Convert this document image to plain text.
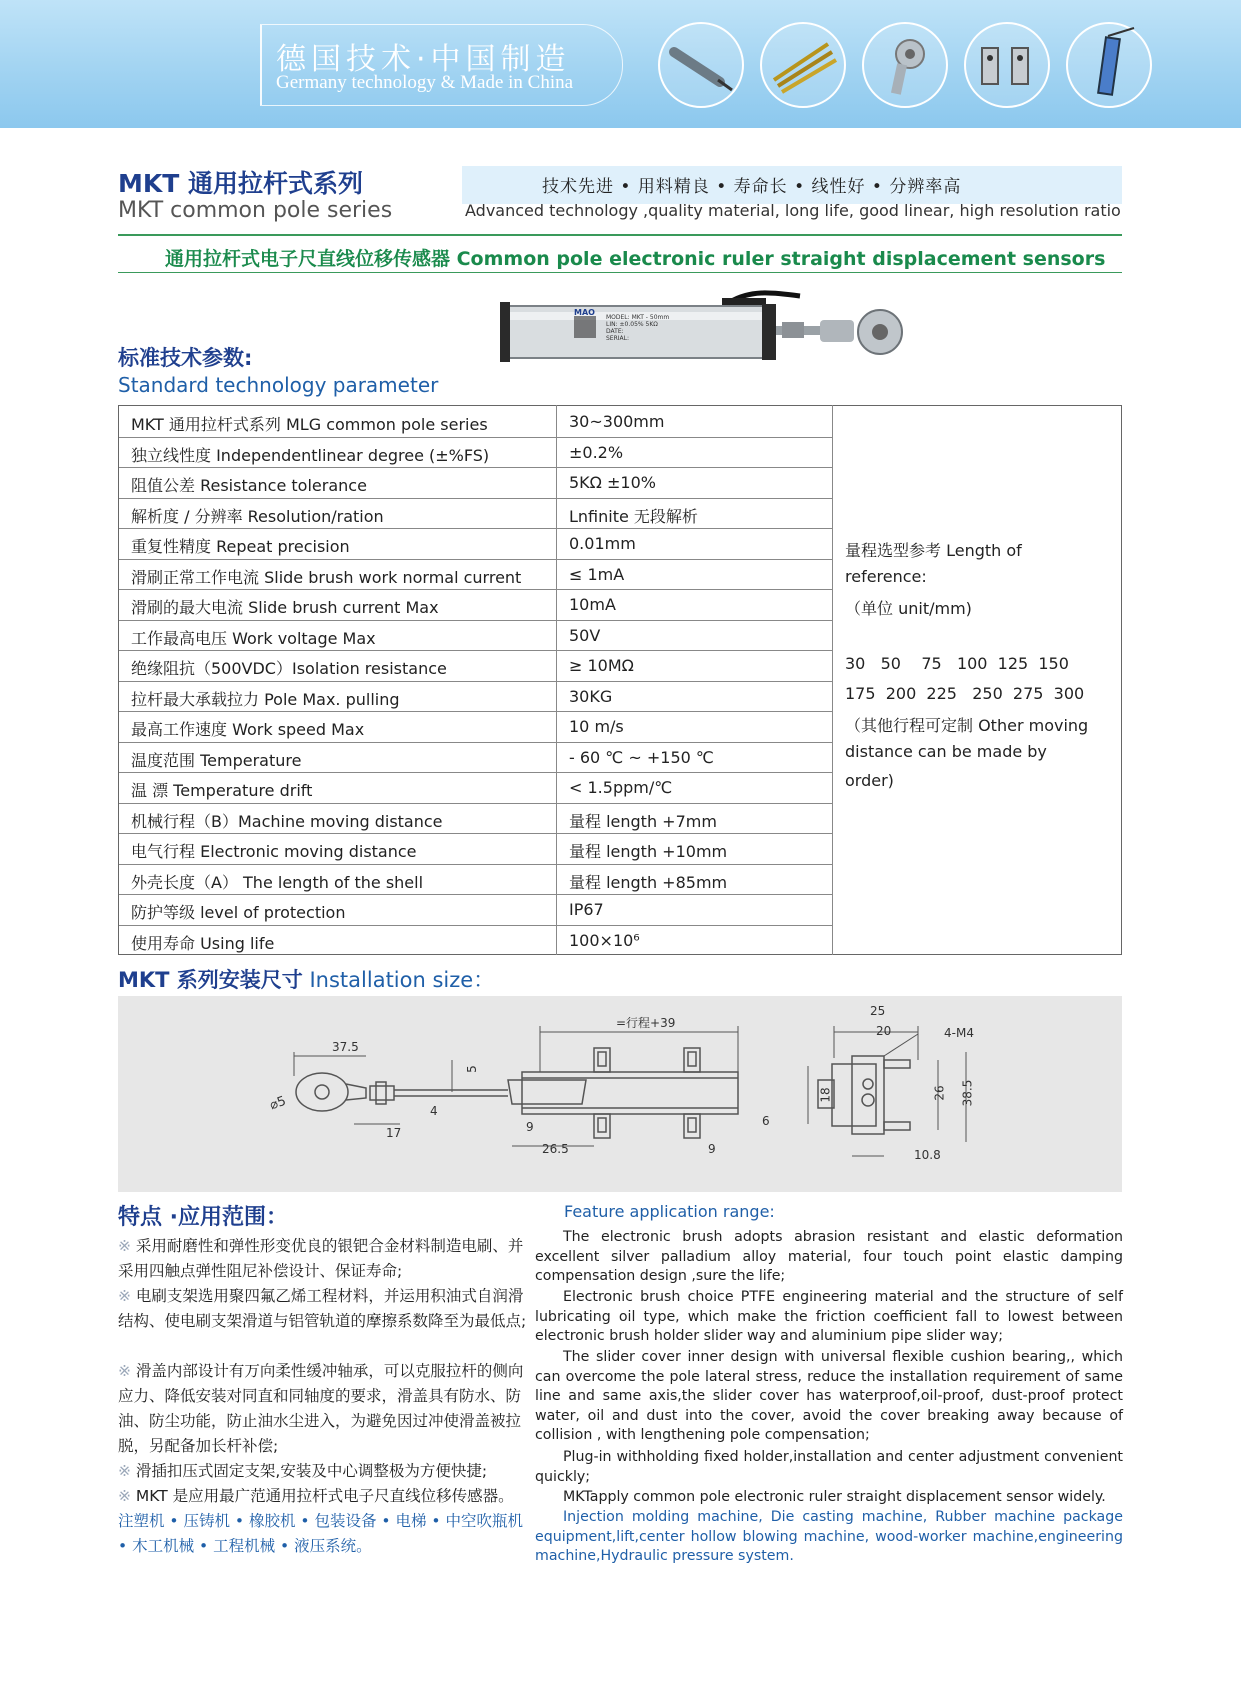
德国技术·中国制造
Germany technology & Made in China
MKT 通用拉杆式系列
MKT common pole series
技术先进 • 用料精良 • 寿命长 • 线性好 • 分辨率高
Advanced technology ,quality material, long life, good linear, high resolution ratio
通用拉杆式电子尺直线位移传感器 Common pole electronic ruler straight displacement sensors
MAO
MODEL: MKT - 50mm
LIN: ±0.05% 5KΩ
DATE:
SERIAL:
标准技术参数:
Standard technology parameter
MKT 通用拉杆式系列 MLG common pole series	30~300mm
独立线性度 Independentlinear degree (±%FS)	±0.2%
阻值公差 Resistance tolerance	5KΩ ±10%
解析度 / 分辨率 Resolution/ration	Lnfinite 无段解析
重复性精度 Repeat precision	0.01mm
滑刷正常工作电流 Slide brush work normal current	≤ 1mA
滑刷的最大电流 Slide brush current Max	10mA
工作最高电压 Work voltage Max	50V
绝缘阻抗（500VDC）Isolation resistance	≥ 10MΩ
拉杆最大承载拉力 Pole Max. pulling	30KG
最高工作速度 Work speed Max	10 m/s
温度范围 Temperature	- 60 ℃ ~ +150 ℃
温 漂 Temperature drift	< 1.5ppm/℃
机械行程（B）Machine moving distance	量程 length +7mm
电气行程 Electronic moving distance	量程 length +10mm
外壳长度（A） The length of the shell	量程 length +85mm
防护等级 level of protection	IP67
使用寿命 Using life	100×10⁶
量程选型参考 Length of
reference:
（单位 unit/mm)
30   50    75   100  125  150
175  200  225   250  275  300
（其他行程可定制 Other moving
distance can be made by
order)
MKT 系列安装尺寸 Installation size：
=行程+39
37.5
⌀5
5
4
17	9
26.5	9
6
25
20	4-M4
18	26 38.5
10.8
特点 ·应用范围：	Feature application range:
※ 采用耐磨性和弹性形变优良的银钯合金材料制造电刷、并采用四触点弹性阻尼补偿设计、保证寿命;
※ 电刷支架选用聚四氟乙烯工程材料，并运用积油式自润滑结构、使电刷支架滑道与铝管轨道的摩擦系数降至为最低点;
※ 滑盖内部设计有万向柔性缓冲轴承，可以克服拉杆的侧向应力、降低安装对同直和同轴度的要求，滑盖具有防水、防油、防尘功能，防止油水尘进入，为避免因过冲使滑盖被拉脱，另配备加长杆补偿;
※ 滑插扣压式固定支架,安装及中心调整极为方便快捷;
※ MKT 是应用最广范通用拉杆式电子尺直线位移传感器。
注塑机 • 压铸机 • 橡胶机 • 包装设备 • 电梯 • 中空吹瓶机 • 木工机械 • 工程机械 • 液压系统。
The electronic brush adopts abrasion resistant and elastic deformation excellent silver palladium alloy material, four touch point elastic damping compensation design ,sure the life;
Electronic brush choice PTFE engineering material and the structure of self lubricating oil type, which make the friction coefficient fall to lowest between electronic brush holder slider way and aluminium pipe slider way;
The slider cover inner design with universal flexible cushion bearing,, which can overcome the pole lateral stress, reduce the installation requirement of same line and same axis,the slider cover has waterproof,oil-proof, dust-proof protect water, oil and dust into the cover, avoid the cover breaking away because of collision , with lengthening pole compensation;
Plug-in withholding fixed holder,installation and center adjustment convenient quickly;
MKTapply common pole electronic ruler straight displacement sensor widely.
Injection molding machine, Die casting machine, Rubber machine package equipment,lift,center hollow blowing machine, wood-worker machine,engineering machine,Hydraulic pressure system.
